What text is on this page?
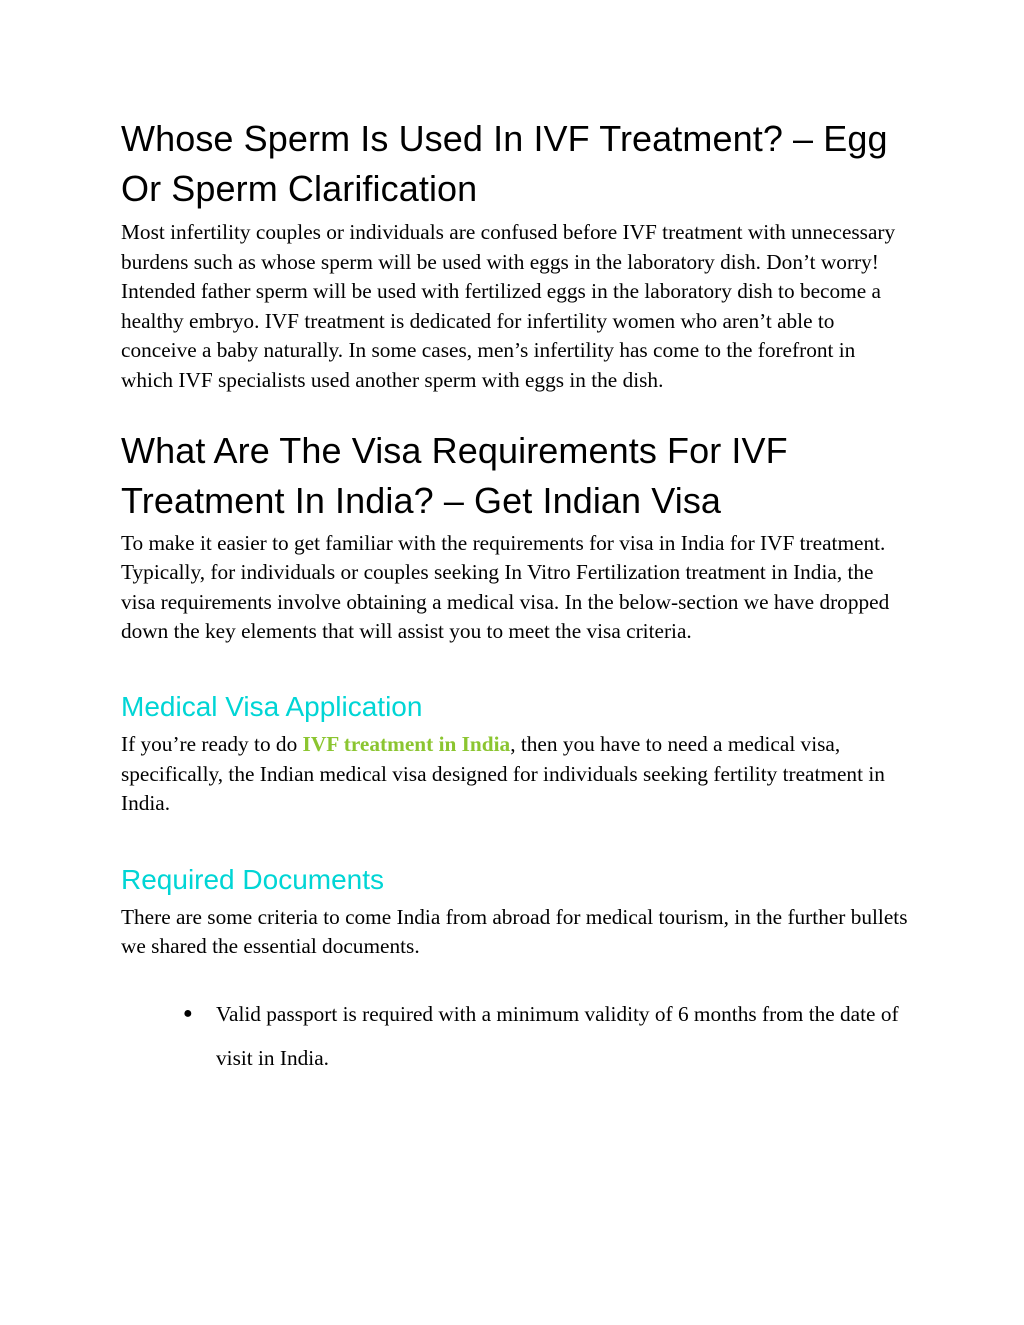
Whose Sperm Is Used In IVF Treatment? – Egg Or Sperm Clarification

Most infertility couples or individuals are confused before IVF treatment with unnecessary burdens such as whose sperm will be used with eggs in the laboratory dish. Don’t worry! Intended father sperm will be used with fertilized eggs in the laboratory dish to become a healthy embryo. IVF treatment is dedicated for infertility women who aren’t able to conceive a baby naturally. In some cases, men’s infertility has come to the forefront in which IVF specialists used another sperm with eggs in the dish.

What Are The Visa Requirements For IVF Treatment In India? – Get Indian Visa

To make it easier to get familiar with the requirements for visa in India for IVF treatment. Typically, for individuals or couples seeking In Vitro Fertilization treatment in India, the visa requirements involve obtaining a medical visa. In the below-section we have dropped down the key elements that will assist you to meet the visa criteria.

Medical Visa Application

If you’re ready to do IVF treatment in India, then you have to need a medical visa, specifically, the Indian medical visa designed for individuals seeking fertility treatment in India.

Required Documents

There are some criteria to come India from abroad for medical tourism, in the further bullets we shared the essential documents.

● Valid passport is required with a minimum validity of 6 months from the date of visit in India.
